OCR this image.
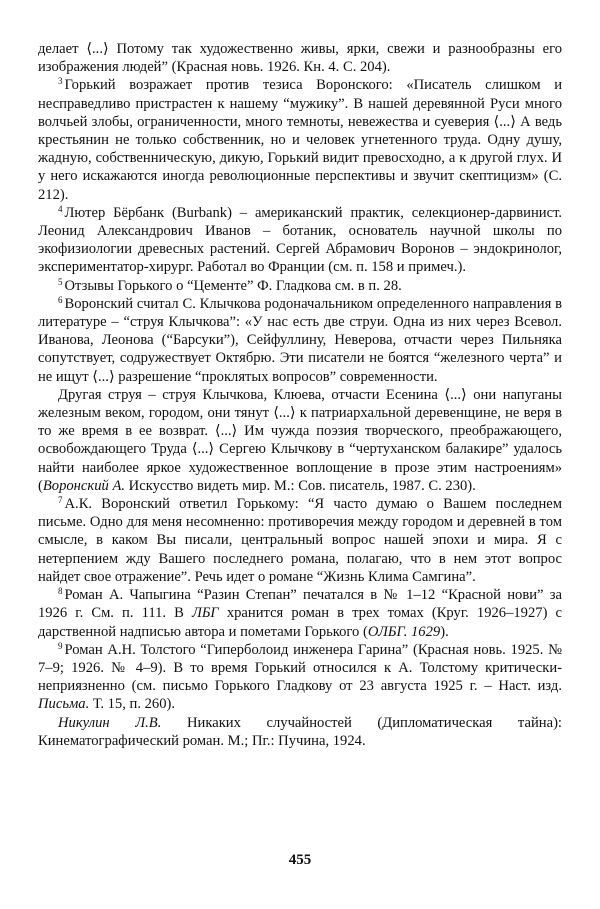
делает ⟨...⟩ Потому так художественно живы, ярки, свежи и разнообразны его изображения людей” (Красная новь. 1926. Кн. 4. С. 204).

$^3$ Горький возражает против тезиса Воронского: «Писатель слишком и несправедливо пристрастен к нашему “мужику”. В нашей деревянной Руси много волчьей злобы, ограниченности, много темноты, невежества и суеверия ⟨...⟩ А ведь крестьянин не только собственник, но и человек угнетенного труда. Одну душу, жадную, собственническую, дикую, Горький видит превосходно, а к другой глух. И у него искажаются иногда революционные перспективы и звучит скептицизм» (С. 212).

$^4$ Лютер Бёрбанк (Burbank) – американский практик, селекционер-дарвинист. Леонид Александрович Иванов – ботаник, основатель научной школы по экофизиологии древесных растений. Сергей Абрамович Воронов – эндокринолог, экспериментатор-хирург. Работал во Франции (см. п. 158 и примеч.).

$^5$ Отзывы Горького о “Цементе” Ф. Гладкова см. в п. 28.

$^6$ Воронский считал С. Клычкова родоначальником определенного направления в литературе – “струя Клычкова”: «У нас есть две струи. Одна из них через Всевол. Иванова, Леонова (“Барсуки”), Сейфуллину, Неверова, отчасти через Пильняка сопутствует, содружествует Октябрю. Эти писатели не боятся “железного черта” и не ищут ⟨...⟩ разрешение “проклятых вопросов” современности.

Другая струя – струя Клычкова, Клюева, отчасти Есенина ⟨...⟩ они напуганы железным веком, городом, они тянут ⟨...⟩ к патриархальной деревенщине, не веря в то же время в ее возврат. ⟨...⟩ Им чужда поэзия творческого, преображающего, освобождающего Труда ⟨...⟩ Сергею Клычкову в “чертуханском балакире” удалось найти наиболее яркое художественное воплощение в прозе этим настроениям» (Воронский А. Искусство видеть мир. М.: Сов. писатель, 1987. С. 230).

$^7$ А.К. Воронский ответил Горькому: “Я часто думаю о Вашем последнем письме. Одно для меня несомненно: противоречия между городом и деревней в том смысле, в каком Вы писали, центральный вопрос нашей эпохи и мира. Я с нетерпением жду Вашего последнего романа, полагаю, что в нем этот вопрос найдет свое отражение”. Речь идет о романе “Жизнь Клима Самгина”.

$^8$ Роман А. Чапыгина “Разин Степан” печатался в № 1–12 “Красной нови” за 1926 г. См. п. 111. В ЛБГ хранится роман в трех томах (Круг. 1926–1927) с дарственной надписью автора и пометами Горького (ОЛБГ. 1629).

$^9$ Роман А.Н. Толстого “Гиперболоид инженера Гарина” (Красная новь. 1925. № 7–9; 1926. № 4–9). В то время Горький относился к А. Толстому критически-неприязненно (см. письмо Горького Гладкову от 23 августа 1925 г. – Наст. изд. Письма. Т. 15, п. 260).

Никулин Л.В. Никаких случайностей (Дипломатическая тайна): Кинематографический роман. М.; Пг.: Пучина, 1924.

455
